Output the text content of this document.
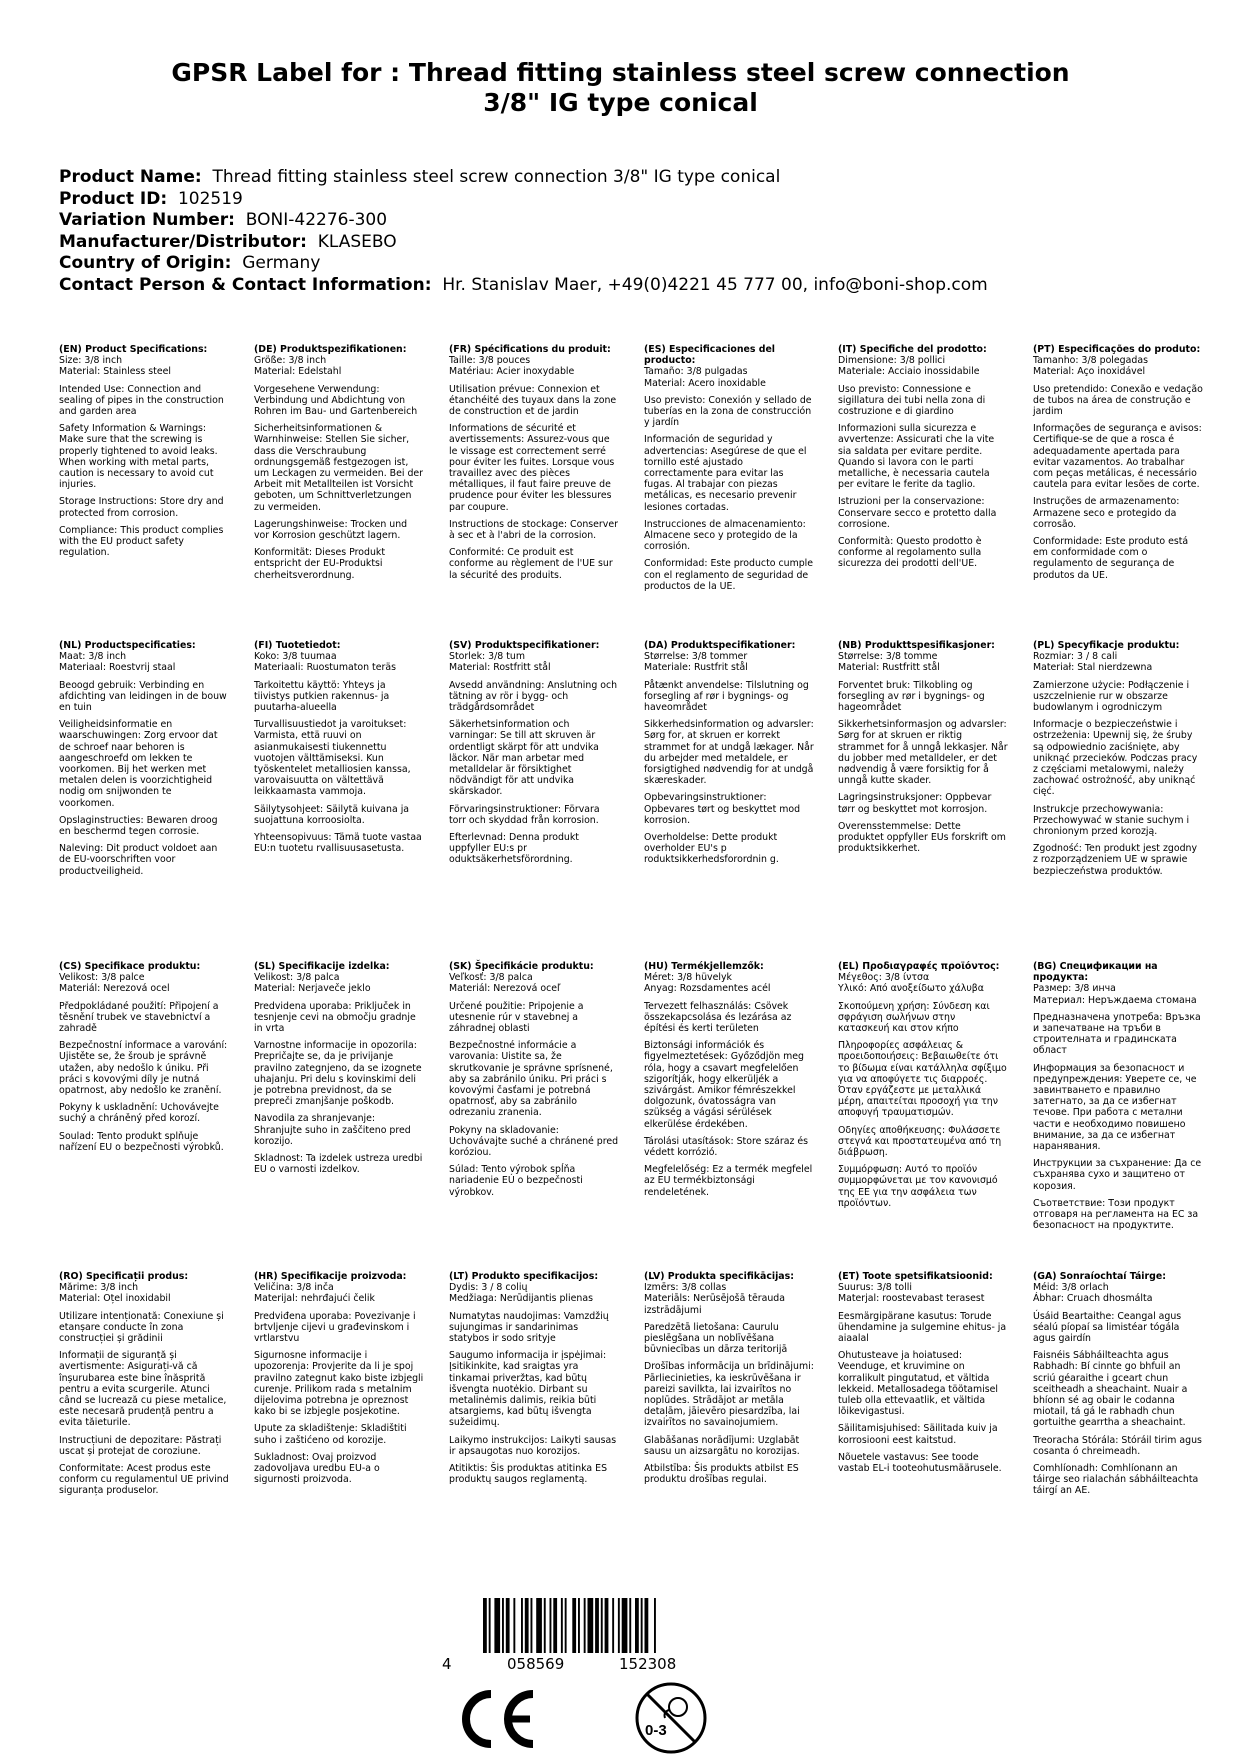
GPSR Label for : Thread fitting stainless steel screw connection
3/8" IG type conical
Product Name: Thread fitting stainless steel screw connection 3/8" IG type conical
Product ID: 102519
Variation Number: BONI-42276-300
Manufacturer/Distributor: KLASEBO
Country of Origin: Germany
Contact Person & Contact Information: Hr. Stanislav Maer, +49(0)4221 45 777 00, info@boni-shop.com
(EN) Product Specifications:
Size: 3/8 inch

Material: Stainless steel

Intended Use: Connection and sealing of pipes in the construction and garden area

Safety Information & Warnings: Make sure that the screwing is properly tightened to avoid leaks. When working with metal parts, caution is necessary to avoid cut injuries.

Storage Instructions: Store dry and protected from corrosion.

Compliance: This product complies with the EU product safety regulation.

(DE) Produktspezifikationen:
Größe: 3/8 inch

Material: Edelstahl

Vorgesehene Verwendung: Verbindung und Abdichtung von Rohren im Bau- und Gartenbereich

Sicherheitsinformationen & Warnhinweise: Stellen Sie sicher, dass die Verschraubung ordnungsgemäß festgezogen ist, um Leckagen zu vermeiden. Bei der Arbeit mit Metallteilen ist Vorsicht geboten, um Schnittverletzungen zu vermeiden.

Lagerungshinweise: Trocken und vor Korrosion geschützt lagern.

Konformität: Dieses Produkt entspricht der EU-Produktsi cherheitsverordnung.

(FR) Spécifications du produit:
Taille: 3/8 pouces

Matériau: Acier inoxydable

Utilisation prévue: Connexion et étanchéité des tuyaux dans la zone de construction et de jardin

Informations de sécurité et avertissements: Assurez-vous que le vissage est correctement serré pour éviter les fuites. Lorsque vous travaillez avec des pièces métalliques, il faut faire preuve de prudence pour éviter les blessures par coupure.

Instructions de stockage: Conserver à sec et à l'abri de la corrosion.

Conformité: Ce produit est conforme au règlement de l'UE sur la sécurité des produits.

(ES) Especificaciones del producto:
Tamaño: 3/8 pulgadas

Material: Acero inoxidable

Uso previsto: Conexión y sellado de tuberías en la zona de construcción y jardín

Información de seguridad y advertencias: Asegúrese de que el tornillo esté ajustado correctamente para evitar las fugas. Al trabajar con piezas metálicas, es necesario prevenir lesiones cortadas.

Instrucciones de almacenamiento: Almacene seco y protegido de la corrosión.

Conformidad: Este producto cumple con el reglamento de seguridad de productos de la UE.

(IT) Specifiche del prodotto:
Dimensione: 3/8 pollici

Materiale: Acciaio inossidabile

Uso previsto: Connessione e sigillatura dei tubi nella zona di costruzione e di giardino

Informazioni sulla sicurezza e avvertenze: Assicurati che la vite sia saldata per evitare perdite. Quando si lavora con le parti metalliche, è necessaria cautela per evitare le ferite da taglio.

Istruzioni per la conservazione: Conservare secco e protetto dalla corrosione.

Conformità: Questo prodotto è conforme al regolamento sulla sicurezza dei prodotti dell'UE.

(PT) Especificações do produto:
Tamanho: 3/8 polegadas

Material: Aço inoxidável

Uso pretendido: Conexão e vedação de tubos na área de construção e jardim

Informações de segurança e avisos: Certifique-se de que a rosca é adequadamente apertada para evitar vazamentos. Ao trabalhar com peças metálicas, é necessário cautela para evitar lesões de corte.

Instruções de armazenamento: Armazene seco e protegido da corrosão.

Conformidade: Este produto está em conformidade com o regulamento de segurança de produtos da UE.

(NL) Productspecificaties:
Maat: 3/8 inch

Materiaal: Roestvrij staal

Beoogd gebruik: Verbinding en afdichting van leidingen in de bouw en tuin

Veiligheidsinformatie en waarschuwingen: Zorg ervoor dat de schroef naar behoren is aangeschroefd om lekken te voorkomen. Bij het werken met metalen delen is voorzichtigheid nodig om snijwonden te voorkomen.

Opslaginstructies: Bewaren droog en beschermd tegen corrosie.

Naleving: Dit product voldoet aan de EU-voorschriften voor productveiligheid.

(FI) Tuotetiedot:
Koko: 3/8 tuumaa

Materiaali: Ruostumaton teräs

Tarkoitettu käyttö: Yhteys ja tiivistys putkien rakennus- ja puutarha-alueella

Turvallisuustiedot ja varoitukset: Varmista, että ruuvi on asianmukaisesti tiukennettu vuotojen välttämiseksi. Kun työskentelet metalliosien kanssa, varovaisuutta on vältettävä leikkaamasta vammoja.

Säilytysohjeet: Säilytä kuivana ja suojattuna korroosiolta.

Yhteensopivuus: Tämä tuote vastaa EU:n tuotetu rvallisuusasetusta.

(SV) Produktspecifikationer:
Storlek: 3/8 tum

Material: Rostfritt stål

Avsedd användning: Anslutning och tätning av rör i bygg- och trädgårdsområdet

Säkerhetsinformation och varningar: Se till att skruven är ordentligt skärpt för att undvika läckor. När man arbetar med metalldelar är försiktighet nödvändigt för att undvika skärskador.

Förvaringsinstruktioner: Förvara torr och skyddad från korrosion.

Efterlevnad: Denna produkt uppfyller EU:s pr oduktsäkerhetsförordning.

(DA) Produktspecifikationer:
Størrelse: 3/8 tommer

Materiale: Rustfrit stål

Påtænkt anvendelse: Tilslutning og forsegling af rør i bygnings- og haveområdet

Sikkerhedsinformation og advarsler: Sørg for, at skruen er korrekt strammet for at undgå lækager. Når du arbejder med metaldele, er forsigtighed nødvendig for at undgå skæreskader.

Opbevaringsinstruktioner: Opbevares tørt og beskyttet mod korrosion.

Overholdelse: Dette produkt overholder EU's p roduktsikkerhedsforordnin g.

(NB) Produkttspesifikasjoner:
Størrelse: 3/8 tomme

Material: Rustfritt stål

Forventet bruk: Tilkobling og forsegling av rør i bygnings- og hageområdet

Sikkerhetsinformasjon og advarsler: Sørg for at skruen er riktig strammet for å unngå lekkasjer. Når du jobber med metalldeler, er det nødvendig å være forsiktig for å unngå kutte skader.

Lagringsinstruksjoner: Oppbevar tørr og beskyttet mot korrosjon.

Overensstemmelse: Dette produktet oppfyller EUs forskrift om produktsikkerhet.

(PL) Specyfikacje produktu:
Rozmiar: 3 / 8 cali

Materiał: Stal nierdzewna

Zamierzone użycie: Podłączenie i uszczelnienie rur w obszarze budowlanym i ogrodniczym

Informacje o bezpieczeństwie i ostrzeżenia: Upewnij się, że śruby są odpowiednio zaciśnięte, aby uniknąć przecieków. Podczas pracy z częściami metalowymi, należy zachować ostrożność, aby uniknąć cięć.

Instrukcje przechowywania: Przechowywać w stanie suchym i chronionym przed korozją.

Zgodność: Ten produkt jest zgodny z rozporządzeniem UE w sprawie bezpieczeństwa produktów.

(CS) Specifikace produktu:
Velikost: 3/8 palce

Materiál: Nerezová ocel

Předpokládané použití: Připojení a těsnění trubek ve stavebnictví a zahradě

Bezpečnostní informace a varování: Ujistěte se, že šroub je správně utažen, aby nedošlo k úniku. Při práci s kovovými díly je nutná opatrnost, aby nedošlo ke zranění.

Pokyny k uskladnění: Uchovávejte suchý a chráněný před korozí.

Soulad: Tento produkt splňuje nařízení EU o bezpečnosti výrobků.

(SL) Specifikacije izdelka:
Velikost: 3/8 palca

Material: Nerjaveče jeklo

Predvidena uporaba: Priključek in tesnjenje cevi na območju gradnje in vrta

Varnostne informacije in opozorila: Prepričajte se, da je privijanje pravilno zategnjeno, da se izognete uhajanju. Pri delu s kovinskimi deli je potrebna previdnost, da se prepreči zmanjšanje poškodb.

Navodila za shranjevanje: Shranjujte suho in zaščiteno pred korozijo.

Skladnost: Ta izdelek ustreza uredbi EU o varnosti izdelkov.

(SK) Špecifikácie produktu:
Veľkosť: 3/8 palca

Materiál: Nerezová oceľ

Určené použitie: Pripojenie a utesnenie rúr v stavebnej a záhradnej oblasti

Bezpečnostné informácie a varovania: Uistite sa, že skrutkovanie je správne sprísnené, aby sa zabránilo úniku. Pri práci s kovovými časťami je potrebná opatrnosť, aby sa zabránilo odrezaniu zranenia.

Pokyny na skladovanie: Uchovávajte suché a chránené pred koróziou.

Súlad: Tento výrobok spĺňa nariadenie EÚ o bezpečnosti výrobkov.

(HU) Termékjellemzők:
Méret: 3/8 hüvelyk

Anyag: Rozsdamentes acél

Tervezett felhasználás: Csövek összekapcsolása és lezárása az építési és kerti területen

Biztonsági információk és figyelmeztetések: Győződjön meg róla, hogy a csavart megfelelően szigorítják, hogy elkerüljék a szivárgást. Amikor fémrészekkel dolgozunk, óvatosságra van szükség a vágási sérülések elkerülése érdekében.

Tárolási utasítások: Store száraz és védett korrózió.

Megfelelőség: Ez a termék megfelel az EU termékbiztonsági rendeletének.

(EL) Προδιαγραφές προϊόντος:
Μέγεθος: 3/8 ίντσα

Υλικό: Από ανοξείδωτο χάλυβα

Σκοπούμενη χρήση: Σύνδεση και σφράγιση σωλήνων στην κατασκευή και στον κήπο

Πληροφορίες ασφάλειας & προειδοποιήσεις: Βεβαιωθείτε ότι το βίδωμα είναι κατάλληλα σφίξιμο για να αποφύγετε τις διαρροές. Όταν εργάζεστε με μεταλλικά μέρη, απαιτείται προσοχή για την αποφυγή τραυματισμών.

Οδηγίες αποθήκευσης: Φυλάσσετε στεγνά και προστατευμένα από τη διάβρωση.

Συμμόρφωση: Αυτό το προϊόν συμμορφώνεται με τον κανονισμό της ΕΕ για την ασφάλεια των προϊόντων.

(BG) Спецификации на продукта:
Размер: 3/8 инча

Материал: Неръждаема стомана

Предназначена употреба: Връзка и запечатване на тръби в строителната и градинската област

Информация за безопасност и предупреждения: Уверете се, че завинтването е правилно затегнато, за да се избегнат течове. При работа с метални части е необходимо повишено внимание, за да се избегнат наранявания.

Инструкции за съхранение: Да се съхранява сухо и защитено от корозия.

Съответствие: Този продукт отговаря на регламента на ЕС за безопасност на продуктите.

(RO) Specificații produs:
Mărime: 3/8 inch

Material: Oțel inoxidabil

Utilizare intenționată: Conexiune și etanșare conducte în zona construcției și grădinii

Informații de siguranță și avertismente: Asigurați-vă că înșurubarea este bine înăsprită pentru a evita scurgerile. Atunci când se lucrează cu piese metalice, este necesară prudență pentru a evita tăieturile.

Instrucțiuni de depozitare: Păstrați uscat și protejat de coroziune.

Conformitate: Acest produs este conform cu regulamentul UE privind siguranța produselor.

(HR) Specifikacije proizvoda:
Veličina: 3/8 inča

Materijal: nehrđajući čelik

Predviđena uporaba: Povezivanje i brtvljenje cijevi u građevinskom i vrtlarstvu

Sigurnosne informacije i upozorenja: Provjerite da li je spoj pravilno zategnut kako biste izbjegli curenje. Prilikom rada s metalnim dijelovima potrebna je opreznost kako bi se izbjegle posjekotine.

Upute za skladištenje: Skladištiti suho i zaštićeno od korozije.

Sukladnost: Ovaj proizvod zadovoljava uredbu EU-a o sigurnosti proizvoda.

(LT) Produkto specifikacijos:
Dydis: 3 / 8 colių

Medžiaga: Nerūdijantis plienas

Numatytas naudojimas: Vamzdžių sujungimas ir sandarinimas statybos ir sodo srityje

Saugumo informacija ir įspėjimai: Įsitikinkite, kad sraigtas yra tinkamai priveržtas, kad būtų išvengta nuotėkio. Dirbant su metalinėmis dalimis, reikia būti atsargiems, kad būtų išvengta sužeidimų.

Laikymo instrukcijos: Laikyti sausas ir apsaugotas nuo korozijos.

Atitiktis: Šis produktas atitinka ES produktų saugos reglamentą.

(LV) Produkta specifikācijas:
Izmērs: 3/8 collas

Materiāls: Nerūsējošā tērauda izstrādājumi

Paredzētā lietošana: Caurulu pieslēgšana un noblīvēšana būvniecības un dārza teritorijā

Drošības informācija un brīdinājumi: Pārliecinieties, ka ieskrūvēšana ir pareizi savilkta, lai izvairītos no noplūdes. Strādājot ar metāla detaļām, jāievēro piesardzība, lai izvairītos no savainojumiem.

Glabāšanas norādījumi: Uzglabāt sausu un aizsargātu no korozijas.

Atbilstība: Šis produkts atbilst ES produktu drošības regulai.

(ET) Toote spetsifikatsioonid:
Suurus: 3/8 tolli

Materjal: roostevabast terasest

Eesmärgipärane kasutus: Torude ühendamine ja sulgemine ehitus- ja aiaalal

Ohutusteave ja hoiatused: Veenduge, et kruvimine on korralikult pingutatud, et vältida lekkeid. Metallosadega töötamisel tuleb olla ettevaatlik, et vältida lõikevigastusi.

Säilitamisjuhised: Säilitada kuiv ja korrosiooni eest kaitstud.

Nõuetele vastavus: See toode vastab EL-i tooteohutusmäärusele.

(GA) Sonraíochtaí Táirge:
Méid: 3/8 orlach

Ábhar: Cruach dhosmálta

Úsáid Beartaithe: Ceangal agus séalú píopaí sa limistéar tógála agus gairdín

Faisnéis Sábháilteachta agus Rabhadh: Bí cinnte go bhfuil an scriú géaraithe i gceart chun sceitheadh a sheachaint. Nuair a bhíonn sé ag obair le codanna miotail, tá gá le rabhadh chun gortuithe gearrtha a sheachaint.

Treoracha Stórála: Stóráil tirim agus cosanta ó chreimeadh.

Comhlíonadh: Comhlíonann an táirge seo rialachán sábháilteachta táirgí an AE.

4	058569	152308
0-3
